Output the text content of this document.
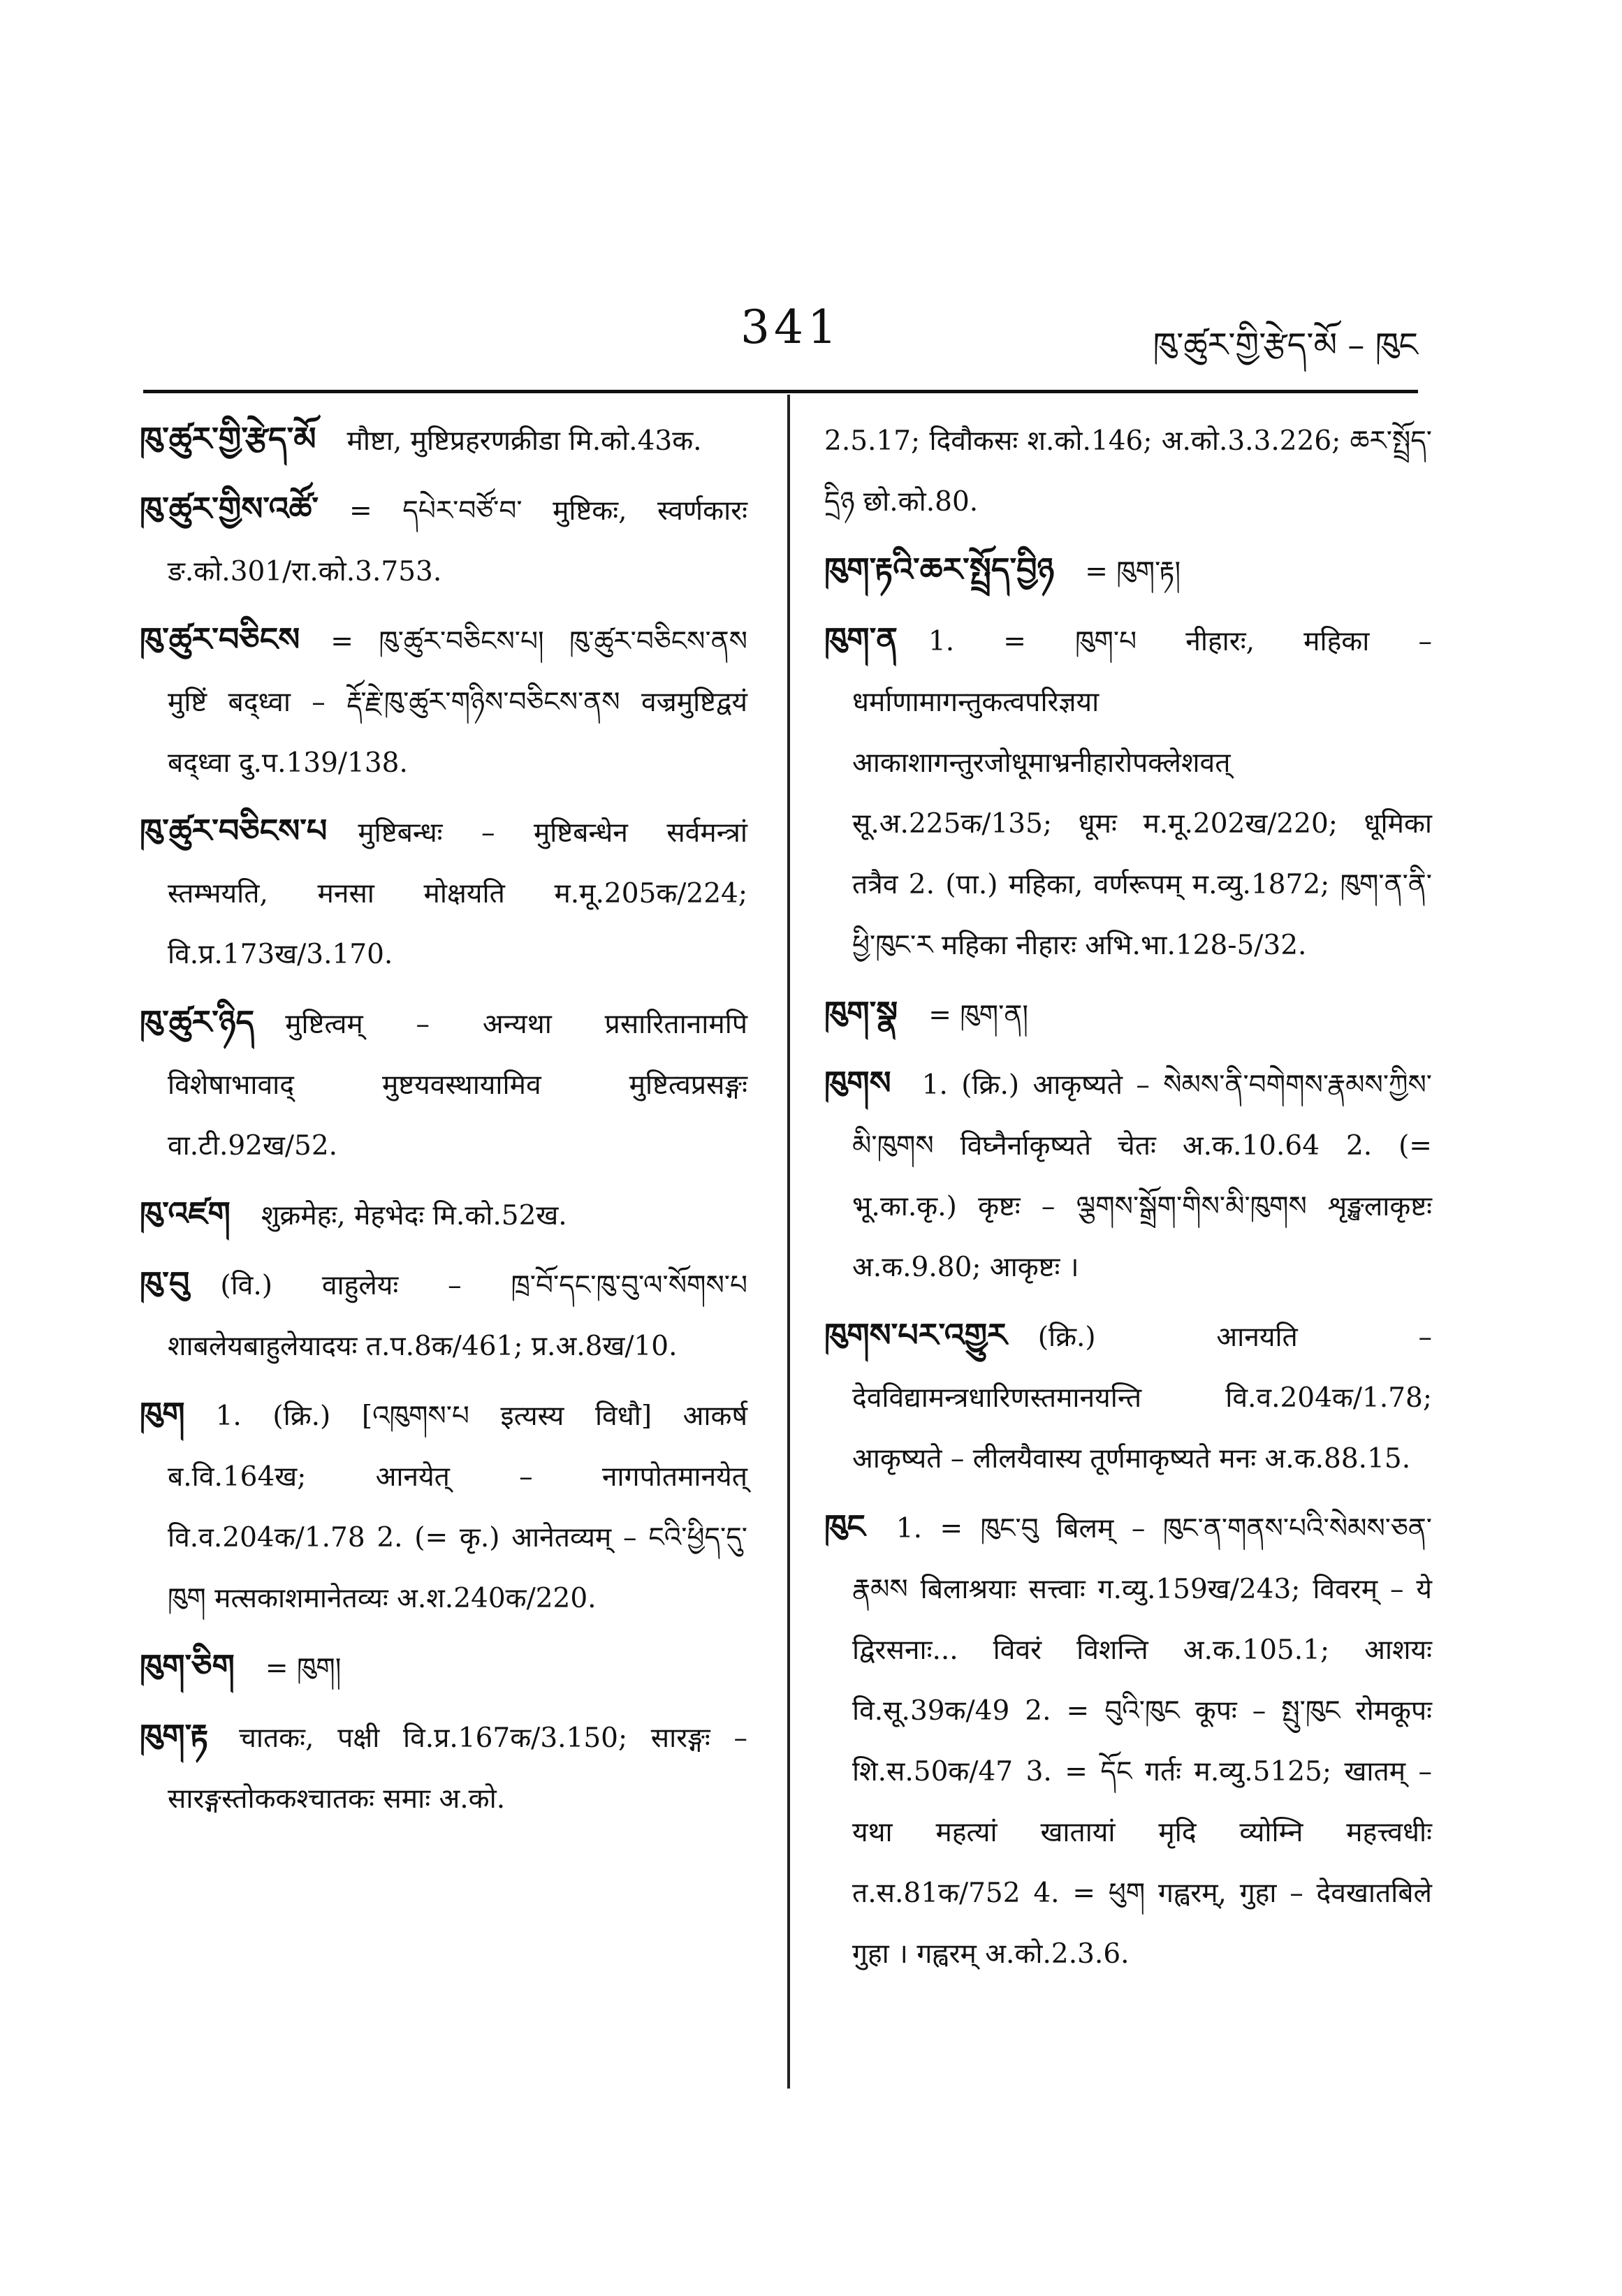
341	ཁུ་ཚུར་གྱི་རྩེད་མོ – ཁུང

ཁུ་ཚུར་གྱི་རྩེད་མོ मौष्टा, मुष्टिप्रहरणक्रीडा मि.को.43क.

ཁུ་ཚུར་གྱིས་འཚོ་ = དཔེར་བཙོ་བ་ मुष्टिकः, स्वर्णकारः ङ.को.301/रा.को.3.753.

ཁུ་ཚུར་བཅིངས = ཁུ་ཚུར་བཅིངས་པ། ཁུ་ཚུར་བཅིངས་ནས मुष्टिं बद्ध्वा – རྡོ་རྗེ་ཁུ་ཚུར་གཉིས་བཅིངས་ནས वज्रमुष्टिद्वयं बद्ध्वा दु.प.139/138.

ཁུ་ཚུར་བཅིངས་པ मुष्टिबन्धः – मुष्टिबन्धेन सर्वमन्त्रां स्तम्भयति, मनसा मोक्षयति म.मू.205क/224; वि.प्र.173ख/3.170.

ཁུ་ཚུར་ཉིད मुष्टित्वम् – अन्यथा प्रसारितानामपि विशेषाभावाद् मुष्टयवस्थायामिव मुष्टित्वप्रसङ्गः वा.टी.92ख/52.

ཁུ་འཛག शुक्रमेहः, मेहभेदः मि.को.52ख.

ཁུ་བུ (वि.) वाहुलेयः – ཁྲ་བོ་དང་ཁུ་བུ་ལ་སོགས་པ शाबलेयबाहुलेयादयः त.प.8क/461; प्र.अ.8ख/10.

ཁུག 1. (क्रि.) [འཁུགས་པ इत्यस्य विधौ] आकर्ष ब.वि.164ख; आनयेत् – नागपोतमानयेत् वि.व.204क/1.78 2. (= कृ.) आनेतव्यम् – ངའི་ཕྱིད་དུ་ཁུག मत्सकाशमानेतव्यः अ.श.240क/220.

ཁུག་ཅིག = ཁུག།

ཁུག་རྟ चातकः, पक्षी वि.प्र.167क/3.150; सारङ्गः – सारङ्गस्तोककश्चातकः समाः अ.को.

2.5.17; दिवौकसः श.को.146; अ.को.3.3.226; ཆར་སྤྲོད་དྲིཉ छो.को.80.

ཁུག་རྟའི་ཆར་སྤྲོད་བྱིཉ = ཁུག་རྟ།

ཁུག་ན 1. = ཁུག་པ नीहारः, महिका – धर्माणामागन्तुकत्वपरिज्ञया आकाशागन्तुरजोधूमाभ्रनीहारोपक्लेशवत् सू.अ.225क/135; धूमः म.मू.202ख/220; धूमिका तत्रैव 2. (पा.) महिका, वर्णरूपम् म.व्यु.1872; ཁུག་ན་ནི་ཕྱི་ཁུང་ར महिका नीहारः अभि.भा.128-5/32.

ཁུག་སྣ = ཁུག་ན།

ཁུགས 1. (क्रि.) आकृष्यते – སེམས་ནི་བགེགས་རྣམས་ཀྱིས་མི་ཁུགས विघ्नैर्नाकृष्यते चेतः अ.क.10.64 2. (= भू.का.कृ.) कृष्टः – ལྕགས་སྒྲོག་གིས་མི་ཁུགས शृङ्खलाकृष्टः अ.क.9.80; आकृष्टः ।

ཁུགས་པར་འགྱུར (क्रि.) आनयति – देवविद्यामन्त्रधारिणस्तमानयन्ति वि.व.204क/1.78; आकृष्यते – लीलयैवास्य तूर्णमाकृष्यते मनः अ.क.88.15.

ཁུང 1. = ཁུང་བུ बिलम् – ཁུང་ན་གནས་པའི་སེམས་ཅན་རྣམས बिलाश्रयाः सत्त्वाः ग.व्यु.159ख/243; विवरम् – ये द्विरसनाः... विवरं विशन्ति अ.क.105.1; आशयः वि.सू.39क/49 2. = བུའི་ཁུང कूपः – སྤུ་ཁུང रोमकूपः शि.स.50क/47 3. = དོང गर्तः म.व्यु.5125; खातम् – यथा महत्यां खातायां मृदि व्योम्नि महत्त्वधीः त.स.81क/752 4. = ཕུག गह्वरम्, गुहा – देवखातबिले गुहा । गह्वरम् अ.को.2.3.6.
